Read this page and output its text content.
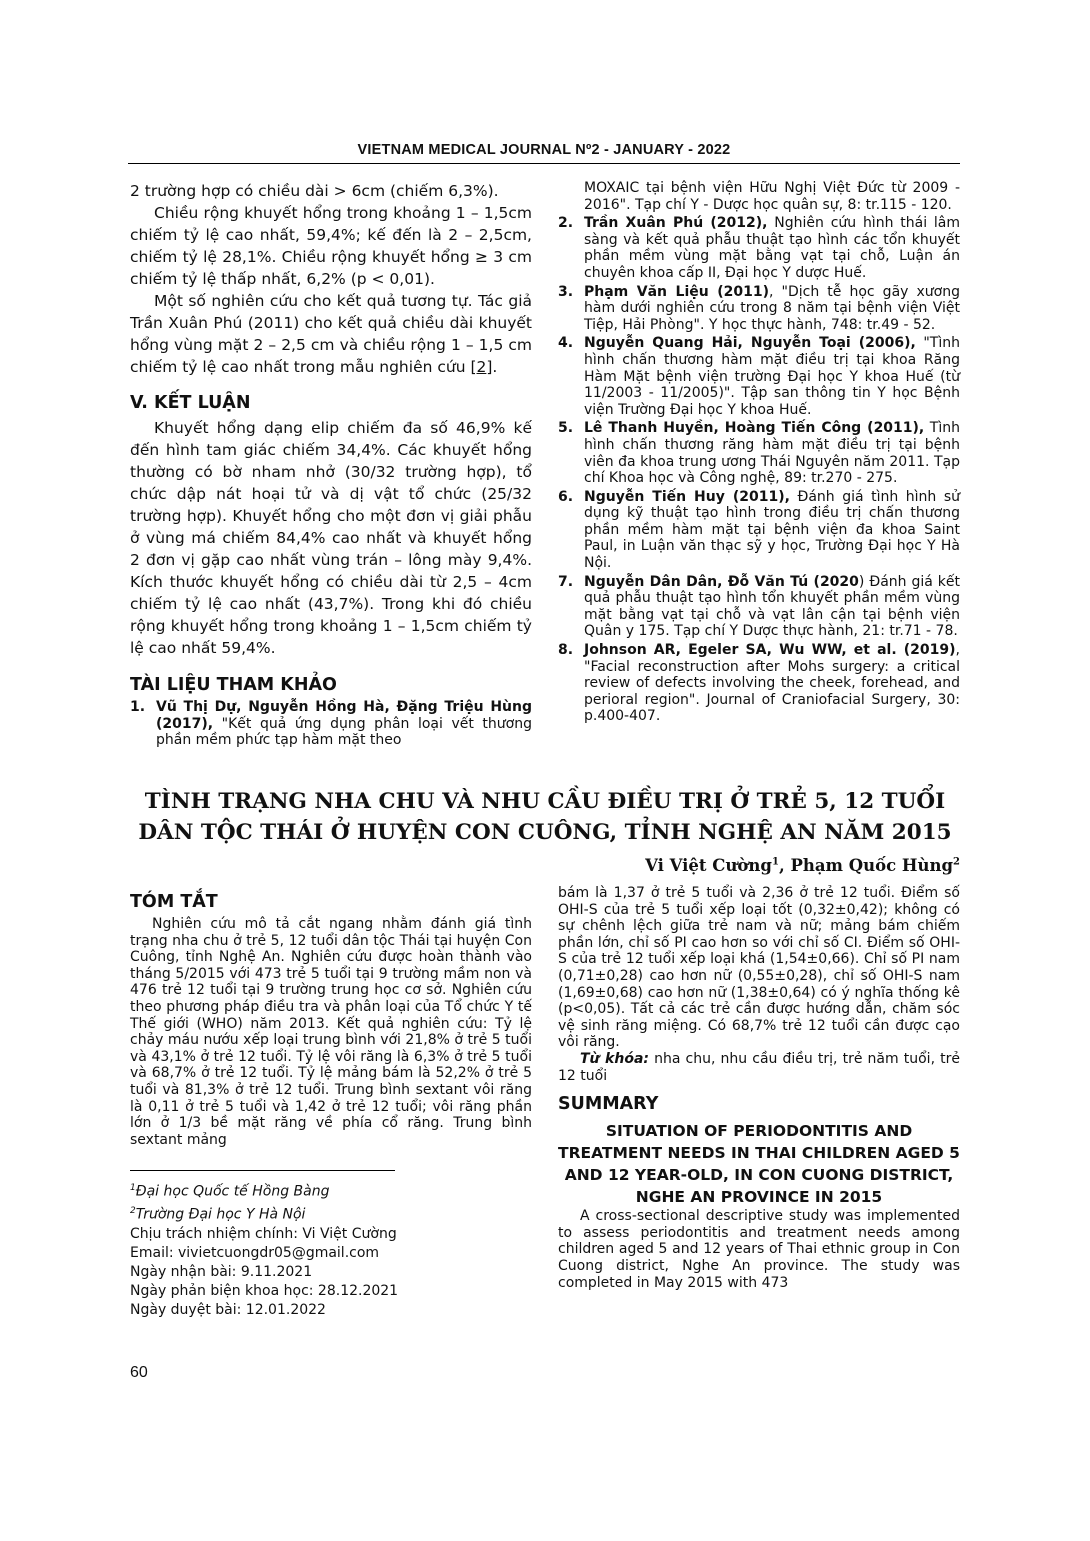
VIETNAM MEDICAL JOURNAL Nº2 - JANUARY - 2022

2 trường hợp có chiều dài > 6cm (chiếm 6,3%).

Chiều rộng khuyết hổng trong khoảng 1 – 1,5cm chiếm tỷ lệ cao nhất, 59,4%; kế đến là 2 – 2,5cm, chiếm tỷ lệ 28,1%. Chiều rộng khuyết hổng ≥ 3 cm chiếm tỷ lệ thấp nhất, 6,2% (p < 0,01).

Một số nghiên cứu cho kết quả tương tự. Tác giả Trần Xuân Phú (2011) cho kết quả chiều dài khuyết hổng vùng mặt 2 – 2,5 cm và chiều rộng 1 – 1,5 cm chiếm tỷ lệ cao nhất trong mẫu nghiên cứu [2].

V. KẾT LUẬN

Khuyết hổng dạng elip chiếm đa số 46,9% kế đến hình tam giác chiếm 34,4%. Các khuyết hổng thường có bờ nham nhở (30/32 trường hợp), tổ chức dập nát hoại tử và dị vật tổ chức (25/32 trường hợp). Khuyết hổng cho một đơn vị giải phẫu ở vùng má chiếm 84,4% cao nhất và khuyết hổng 2 đơn vị gặp cao nhất vùng trán – lông mày 9,4%. Kích thước khuyết hổng có chiều dài từ 2,5 – 4cm chiếm tỷ lệ cao nhất (43,7%). Trong khi đó chiều rộng khuyết hổng trong khoảng 1 – 1,5cm chiếm tỷ lệ cao nhất 59,4%.

TÀI LIỆU THAM KHẢO
1. Vũ Thị Dự, Nguyễn Hồng Hà, Đặng Triệu Hùng (2017), "Kết quả ứng dụng phân loại vết thương phần mềm phức tạp hàm mặt theo
MOXAIC tại bệnh viện Hữu Nghị Việt Đức từ 2009 - 2016". Tạp chí Y - Dược học quân sự, 8: tr.115 - 120.
2. Trần Xuân Phú (2012), Nghiên cứu hình thái lâm sàng và kết quả phẫu thuật tạo hình các tổn khuyết phần mềm vùng mặt bằng vạt tại chỗ, Luận án chuyên khoa cấp II, Đại học Y dược Huế.
3. Phạm Văn Liệu (2011), "Dịch tễ học gãy xương hàm dưới nghiên cứu trong 8 năm tại bệnh viện Việt Tiệp, Hải Phòng". Y học thực hành, 748: tr.49 - 52.
4. Nguyễn Quang Hải, Nguyễn Toại (2006), "Tình hình chấn thương hàm mặt điều trị tại khoa Răng Hàm Mặt bệnh viện trường Đại học Y khoa Huế (từ 11/2003 - 11/2005)". Tập san thông tin Y học Bệnh viện Trường Đại học Y khoa Huế.
5. Lê Thanh Huyền, Hoàng Tiến Công (2011), Tình hình chấn thương răng hàm mặt điều trị tại bệnh viên đa khoa trung ương Thái Nguyên năm 2011. Tạp chí Khoa học và Công nghệ, 89: tr.270 - 275.
6. Nguyễn Tiến Huy (2011), Đánh giá tình hình sử dụng kỹ thuật tạo hình trong điều trị chấn thương phần mềm hàm mặt tại bệnh viện đa khoa Saint Paul, in Luận văn thạc sỹ y học, Trường Đại học Y Hà Nội.
7. Nguyễn Dân Dân, Đỗ Văn Tú (2020) Đánh giá kết quả phẫu thuật tạo hình tổn khuyết phần mềm vùng mặt bằng vạt tại chỗ và vạt lân cận tại bệnh viện Quân y 175. Tạp chí Y Dược thực hành, 21: tr.71 - 78.
8. Johnson AR, Egeler SA, Wu WW, et al. (2019), "Facial reconstruction after Mohs surgery: a critical review of defects involving the cheek, forehead, and perioral region". Journal of Craniofacial Surgery, 30: p.400-407.
TÌNH TRẠNG NHA CHU VÀ NHU CẦU ĐIỀU TRỊ Ở TRẺ 5, 12 TUỔI
DÂN TỘC THÁI Ở HUYỆN CON CUÔNG, TỈNH NGHỆ AN NĂM 2015
Vi Việt Cường$^1$, Phạm Quốc Hùng$^2$
TÓM TẮT

Nghiên cứu mô tả cắt ngang nhằm đánh giá tình trạng nha chu ở trẻ 5, 12 tuổi dân tộc Thái tại huyện Con Cuông, tỉnh Nghệ An. Nghiên cứu được hoàn thành vào tháng 5/2015 với 473 trẻ 5 tuổi tại 9 trường mầm non và 476 trẻ 12 tuổi tại 9 trường trung học cơ sở. Nghiên cứu theo phương pháp điều tra và phân loại của Tổ chức Y tế Thế giới (WHO) năm 2013. Kết quả nghiên cứu: Tỷ lệ chảy máu nướu xếp loại trung bình với 21,8% ở trẻ 5 tuổi và 43,1% ở trẻ 12 tuổi. Tỷ lệ vôi răng là 6,3% ở trẻ 5 tuổi và 68,7% ở trẻ 12 tuổi. Tỷ lệ mảng bám là 52,2% ở trẻ 5 tuổi và 81,3% ở trẻ 12 tuổi. Trung bình sextant vôi răng là 0,11 ở trẻ 5 tuổi và 1,42 ở trẻ 12 tuổi; vôi răng phần lớn ở 1/3 bề mặt răng về phía cổ răng. Trung bình sextant mảng

$^1$Đại học Quốc tế Hồng Bàng

$^2$Trường Đại học Y Hà Nội

Chịu trách nhiệm chính: Vi Việt Cường

Email: vivietcuongdr05@gmail.com

Ngày nhận bài: 9.11.2021

Ngày phản biện khoa học: 28.12.2021

Ngày duyệt bài: 12.01.2022

bám là 1,37 ở trẻ 5 tuổi và 2,36 ở trẻ 12 tuổi. Điểm số OHI-S của trẻ 5 tuổi xếp loại tốt (0,32±0,42); không có sự chênh lệch giữa trẻ nam và nữ; mảng bám chiếm phần lớn, chỉ số PI cao hơn so với chỉ số CI. Điểm số OHI-S của trẻ 12 tuổi xếp loại khá (1,54±0,66). Chỉ số PI nam (0,71±0,28) cao hơn nữ (0,55±0,28), chỉ số OHI-S nam (1,69±0,68) cao hơn nữ (1,38±0,64) có ý nghĩa thống kê (p<0,05). Tất cả các trẻ cần được hướng dẫn, chăm sóc vệ sinh răng miệng. Có 68,7% trẻ 12 tuổi cần được cạo vôi răng.

Từ khóa: nha chu, nhu cầu điều trị, trẻ năm tuổi, trẻ 12 tuổi

SUMMARY
SITUATION OF PERIODONTITIS AND TREATMENT NEEDS IN THAI CHILDREN AGED 5 AND 12 YEAR-OLD, IN CON CUONG DISTRICT, NGHE AN PROVINCE IN 2015

A cross-sectional descriptive study was implemented to assess periodontitis and treatment needs among children aged 5 and 12 years of Thai ethnic group in Con Cuong district, Nghe An province. The study was completed in May 2015 with 473

60
